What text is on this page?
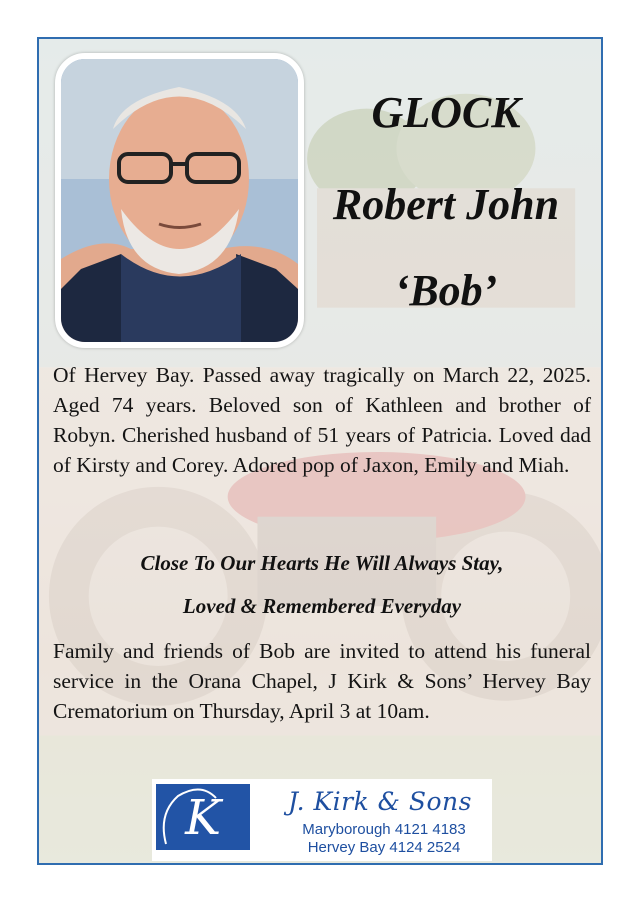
GLOCK
Robert John
‘Bob’
Of Hervey Bay. Passed away tragically on March 22, 2025. Aged 74 years. Beloved son of Kathleen and brother of Robyn. Cherished husband of 51 years of Patricia. Loved dad of Kirsty and Corey. Adored pop of Jaxon, Emily and Miah.
Close To Our Hearts He Will Always Stay,
Loved & Remembered Everyday
Family and friends of Bob are invited to attend his funeral service in the Orana Chapel, J Kirk & Sons’ Hervey Bay Crematorium on Thursday, April 3 at 10am.
K	J. Kirk & Sons
Maryborough 4121 4183
Hervey Bay 4124 2524
